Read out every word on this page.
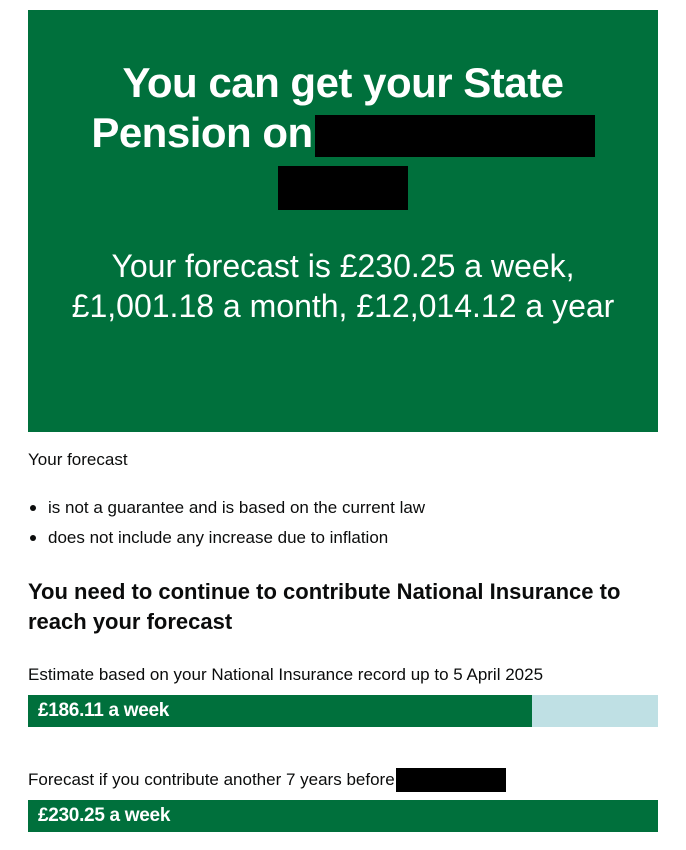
You can get your State Pension on

Your forecast is £230.25 a week, £1,001.18 a month, £12,014.12 a year

Your forecast

is not a guarantee and is based on the current law
does not include any increase due to inflation
You need to continue to contribute National Insurance to reach your forecast

Estimate based on your National Insurance record up to 5 April 2025

£186.11 a week

Forecast if you contribute another 7 years before

£230.25 a week
